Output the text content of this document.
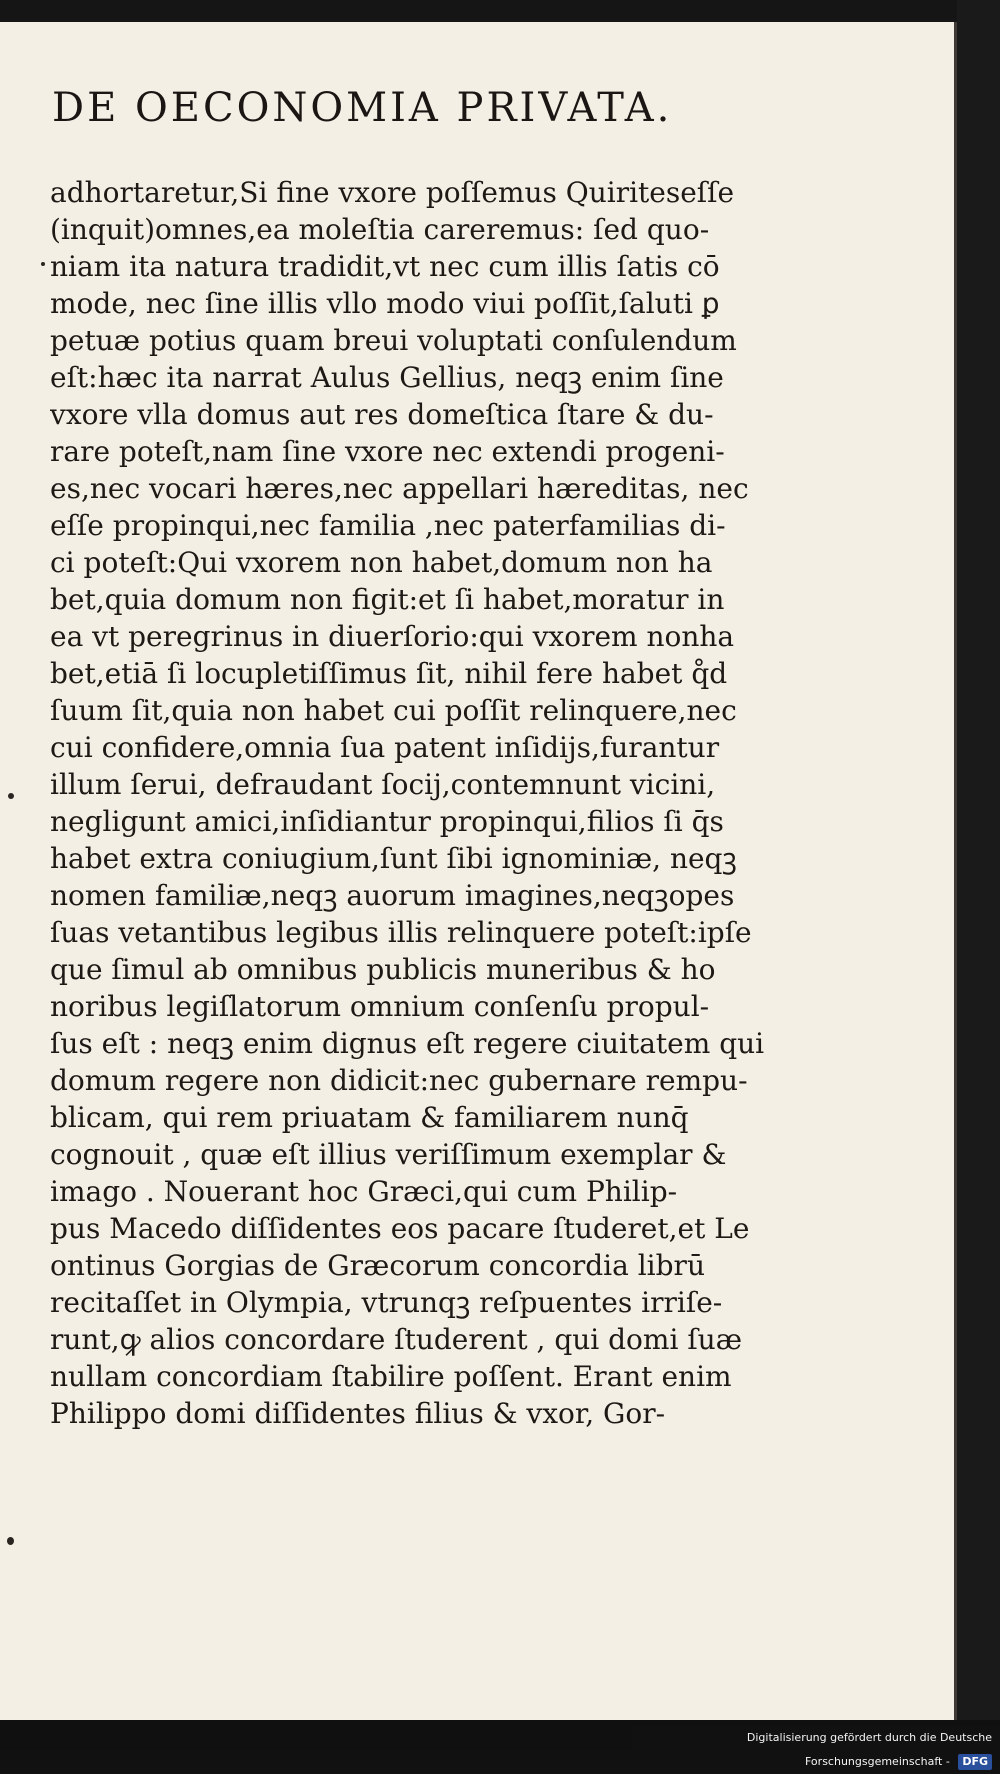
DE OECONOMIA PRIVATA.
adhortaretur,Si fine vxore poſſemus Quiriteseſſe
(inquit)omnes,ea moleſtia careremus: ſed quo-
niam ita natura tradidit,vt nec cum illis ſatis cō
mode, nec ſine illis vllo modo viui poſſit,ſaluti ꝑ
petuæ potius quam breui voluptati conſulendum
eſt:hæc ita narrat Aulus Gellius, neqꝫ enim ſine
vxore vlla domus aut res domeſtica ſtare & du-
rare poteſt,nam ſine vxore nec extendi progeni-
es,nec vocari hæres,nec appellari hæreditas, nec
eſſe propinqui,nec familia ,nec paterfamilias di-
ci poteſt:Qui vxorem non habet,domum non ha
bet,quia domum non figit:et ſi habet,moratur in
ea vt peregrinus in diuerſorio:qui vxorem nonha
bet,etiā ſi locupletiſſimus ſit, nihil fere habet q̊d
ſuum ſit,quia non habet cui poſſit relinquere,nec
cui confidere,omnia ſua patent inſidijs,furantur
illum ſerui, defraudant ſocij,contemnunt vicini,
negligunt amici,inſidiantur propinqui,filios ſi q̄s
habet extra coniugium,ſunt ſibi ignominiæ, neqꝫ
nomen familiæ,neqꝫ auorum imagines,neqꝫopes
ſuas vetantibus legibus illis relinquere poteſt:ipſe
que ſimul ab omnibus publicis muneribus & ho
noribus legiſlatorum omnium conſenſu propul-
ſus eſt : neqꝫ enim dignus eſt regere ciuitatem qui
domum regere non didicit:nec gubernare rempu-
blicam, qui rem priuatam & familiarem nunq̄
cognouit , quæ eſt illius veriſſimum exemplar &
imago . Nouerant hoc Græci,qui cum Philip-
pus Macedo diſſidentes eos pacare ſtuderet,et Le
ontinus Gorgias de Græcorum concordia librū
recitaſſet in Olympia, vtrunqꝫ reſpuentes irriſe-
runt,ꝙ alios concordare ſtuderent , qui domi ſuæ
nullam concordiam ſtabilire poſſent. Erant enim
Philippo domi diſſidentes filius & vxor, Gor-
Digitalisierung gefördert durch die Deutsche Forschungsgemeinschaft - DFG
